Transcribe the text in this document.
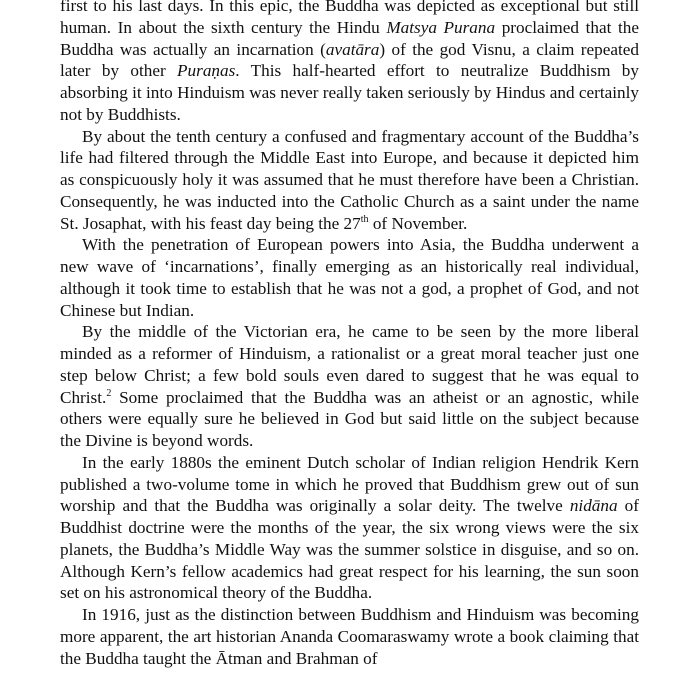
first to his last days. In this epic, the Buddha was depicted as exceptional but still human. In about the sixth century the Hindu Matsya Purana proclaimed that the Buddha was actually an incarnation (avatāra) of the god Visnu, a claim repeated later by other Puraṇas. This half-hearted effort to neutralize Buddhism by absorbing it into Hinduism was never really taken seriously by Hindus and certainly not by Buddhists.

By about the tenth century a confused and fragmentary account of the Buddha’s life had filtered through the Middle East into Europe, and because it depicted him as conspicuously holy it was assumed that he must therefore have been a Christian. Consequently, he was inducted into the Catholic Church as a saint under the name St. Josaphat, with his feast day being the 27th of November.

With the penetration of European powers into Asia, the Buddha underwent a new wave of ‘incarnations’, finally emerging as an historically real individual, although it took time to establish that he was not a god, a prophet of God, and not Chinese but Indian.

By the middle of the Victorian era, he came to be seen by the more liberal minded as a reformer of Hinduism, a rationalist or a great moral teacher just one step below Christ; a few bold souls even dared to suggest that he was equal to Christ.$^2$ Some proclaimed that the Buddha was an atheist or an agnostic, while others were equally sure he believed in God but said little on the subject because the Divine is beyond words.

In the early 1880s the eminent Dutch scholar of Indian religion Hendrik Kern published a two-volume tome in which he proved that Buddhism grew out of sun worship and that the Buddha was originally a solar deity. The twelve nidāna of Buddhist doctrine were the months of the year, the six wrong views were the six planets, the Buddha’s Middle Way was the summer solstice in disguise, and so on. Although Kern’s fellow academics had great respect for his learning, the sun soon set on his astronomical theory of the Buddha.

In 1916, just as the distinction between Buddhism and Hinduism was becoming more apparent, the art historian Ananda Coomaraswamy wrote a book claiming that the Buddha taught the Ātman and Brahman of
